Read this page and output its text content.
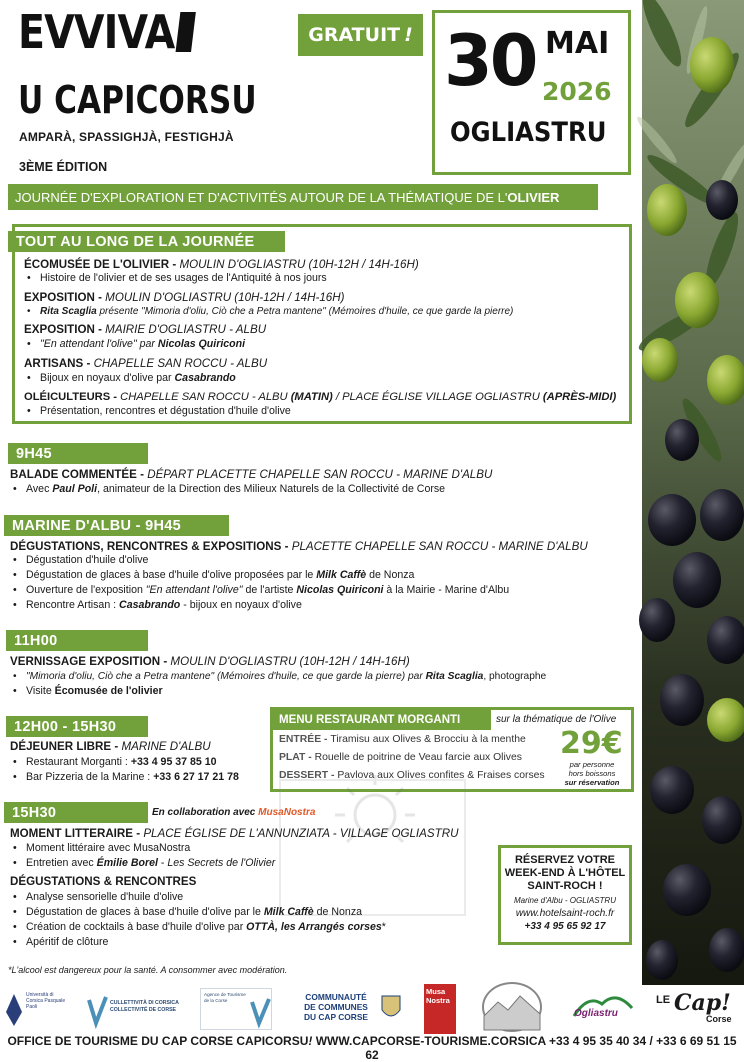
EVVIVA
U CAPICORSU
AMPARÀ, SPASSIGHJÀ, FESTIGHJÀ
3ÈME ÉDITION
GRATUIT ! 30 MAI
2026
OGLIASTRU
JOURNÉE D'EXPLORATION ET D'ACTIVITÉS AUTOUR DE LA THÉMATIQUE DE L' OLIVIER
TOUT AU LONG DE LA JOURNÉE
ÉCOMUSÉE DE L'OLIVIER - MOULIN D'OGLIASTRU (10H-12H / 14H-16H)
• Histoire de l'olivier et de ses usages de l'Antiquité à nos jours
EXPOSITION - MOULIN D'OGLIASTRU (10H-12H / 14H-16H)
• Rita Scaglia présente "Mimoria d'oliu, Ciò che a Petra mantene" (Mémoires d'huile, ce que garde la pierre)
EXPOSITION - MAIRIE D'OGLIASTRU - ALBU
• "En attendant l'olive" par Nicolas Quiriconi
ARTISANS - CHAPELLE SAN ROCCU - ALBU
• Bijoux en noyaux d'olive par Casabrando
OLÉICULTEURS - CHAPELLE SAN ROCCU - ALBU (MATIN) / PLACE ÉGLISE VILLAGE OGLIASTRU (APRÈS-MIDI)
• Présentation, rencontres et dégustation d'huile d'olive
9H45
BALADE COMMENTÉE - DÉPART PLACETTE CHAPELLE SAN ROCCU - MARINE D'ALBU
• Avec Paul Poli, animateur de la Direction des Milieux Naturels de la Collectivité de Corse
MARINE D'ALBU - 9H45
DÉGUSTATIONS, RENCONTRES & EXPOSITIONS - PLACETTE CHAPELLE SAN ROCCU - MARINE D'ALBU
• Dégustation d'huile d'olive
• Dégustation de glaces à base d'huile d'olive proposées par le Milk Caffè de Nonza
• Ouverture de l'exposition "En attendant l'olive" de l'artiste Nicolas Quiriconi à la Mairie - Marine d'Albu
• Rencontre Artisan : Casabrando - bijoux en noyaux d'olive
11H00
VERNISSAGE EXPOSITION - MOULIN D'OGLIASTRU (10H-12H / 14H-16H)
• "Mimoria d'oliu, Ciò che a Petra mantene" (Mémoires d'huile, ce que garde la pierre) par Rita Scaglia, photographe
• Visite Écomusée de l'olivier
12H00 - 15H30
DÉJEUNER LIBRE - MARINE D'ALBU
• Restaurant Morganti : +33 4 95 37 85 10
• Bar Pizzeria de la Marine : +33 6 27 17 21 78
MENU RESTAURANT MORGANTI	sur la thématique de l'Olive
ENTRÉE - Tiramisu aux Olives & Brocciu à la menthe
PLAT - Rouelle de poitrine de Veau farcie aux Olives
DESSERT - Pavlova aux Olives confites & Fraises corses
29€
par personne
hors boissons
sur réservation
15H30	En collaboration avec MusaNostra
MOMENT LITTERAIRE - PLACE ÉGLISE DE L'ANNUNZIATA - VILLAGE OGLIASTRU
• Moment littéraire avec MusaNostra
• Entretien avec Émilie Borel - Les Secrets de l'Olivier
DÉGUSTATIONS & RENCONTRES
• Analyse sensorielle d'huile d'olive
• Dégustation de glaces à base d'huile d'olive par le Milk Caffè de Nonza
• Création de cocktails à base d'huile d'olive par OTTÀ, les Arrangés corses*
• Apéritif de clôture
RÉSERVEZ VOTRE
WEEK-END À L'HÔTEL
SAINT-ROCH !
Marine d'Albu - OGLIASTRU
www.hotelsaint-roch.fr
+33 4 95 65 92 17
*L'alcool est dangereux pour la santé. A consommer avec modération.
Università di Corsica Pasquale Paoli
CULLETTIVITÀ DI CORSICA COLLECTIVITÉ DE CORSE
Agence de Tourisme de la Corse	COMMUNAUTÉ
DE COMMUNES
DU CAP CORSE
Musa Nostra
Ogliastru
LE Cap!
Corse
OFFICE DE TOURISME DU CAP CORSE CAPICORSU! WWW.CAPCORSE-TOURISME.CORSICA +33 4 95 35 40 34 / +33 6 69 51 15 62
